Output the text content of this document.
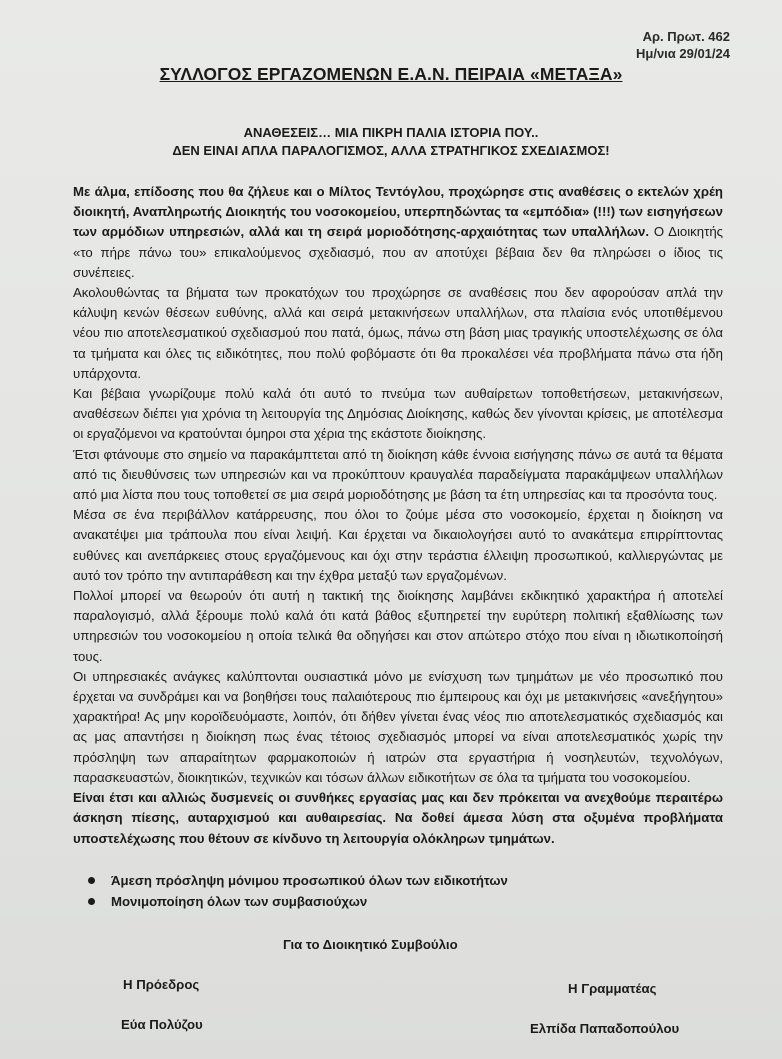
Αρ. Πρωτ. 462
Ημ/νια 29/01/24
ΣΥΛΛΟΓΟΣ ΕΡΓΑΖΟΜΕΝΩΝ Ε.Α.Ν. ΠΕΙΡΑΙΑ «ΜΕΤΑΞΑ»
ΑΝΑΘΕΣΕΙΣ… ΜΙΑ ΠΙΚΡΗ ΠΑΛΙΑ ΙΣΤΟΡΙΑ ΠΟΥ..
ΔΕΝ ΕΙΝΑΙ ΑΠΛΑ ΠΑΡΑΛΟΓΙΣΜΟΣ, ΑΛΛΑ ΣΤΡΑΤΗΓΙΚΟΣ ΣΧΕΔΙΑΣΜΟΣ!

Με άλμα, επίδοσης που θα ζήλευε και ο Μίλτος Τεντόγλου, προχώρησε στις αναθέσεις ο εκτελών χρέη διοικητή, Αναπληρωτής Διοικητής του νοσοκομείου, υπερπηδώντας τα «εμπόδια» (!!!) των εισηγήσεων των αρμόδιων υπηρεσιών, αλλά και τη σειρά μοριοδότησης-αρχαιότητας των υπαλλήλων. Ο Διοικητής «το πήρε πάνω του» επικαλούμενος σχεδιασμό, που αν αποτύχει βέβαια δεν θα πληρώσει ο ίδιος τις συνέπειες.

Ακολουθώντας τα βήματα των προκατόχων του προχώρησε σε αναθέσεις που δεν αφορούσαν απλά την κάλυψη κενών θέσεων ευθύνης, αλλά και σειρά μετακινήσεων υπαλλήλων, στα πλαίσια ενός υποτιθέμενου νέου πιο αποτελεσματικού σχεδιασμού που πατά, όμως, πάνω στη βάση μιας τραγικής υποστελέχωσης σε όλα τα τμήματα και όλες τις ειδικότητες, που πολύ φοβόμαστε ότι θα προκαλέσει νέα προβλήματα πάνω στα ήδη υπάρχοντα.

Και βέβαια γνωρίζουμε πολύ καλά ότι αυτό το πνεύμα των αυθαίρετων τοποθετήσεων, μετακινήσεων, αναθέσεων διέπει για χρόνια τη λειτουργία της Δημόσιας Διοίκησης, καθώς δεν γίνονται κρίσεις, με αποτέλεσμα οι εργαζόμενοι να κρατούνται όμηροι στα χέρια της εκάστοτε διοίκησης.

Έτσι φτάνουμε στο σημείο να παρακάμπτεται από τη διοίκηση κάθε έννοια εισήγησης πάνω σε αυτά τα θέματα από τις διευθύνσεις των υπηρεσιών και να προκύπτουν κραυγαλέα παραδείγματα παρακάμψεων υπαλλήλων από μια λίστα που τους τοποθετεί σε μια σειρά μοριοδότησης με βάση τα έτη υπηρεσίας και τα προσόντα τους.

Μέσα σε ένα περιβάλλον κατάρρευσης, που όλοι το ζούμε μέσα στο νοσοκομείο, έρχεται η διοίκηση να ανακατέψει μια τράπουλα που είναι λειψή. Και έρχεται να δικαιολογήσει αυτό το ανακάτεμα επιρρίπτοντας ευθύνες και ανεπάρκειες στους εργαζόμενους και όχι στην τεράστια έλλειψη προσωπικού, καλλιεργώντας με αυτό τον τρόπο την αντιπαράθεση και την έχθρα μεταξύ των εργαζομένων.

Πολλοί μπορεί να θεωρούν ότι αυτή η τακτική της διοίκησης λαμβάνει εκδικητικό χαρακτήρα ή αποτελεί παραλογισμό, αλλά ξέρουμε πολύ καλά ότι κατά βάθος εξυπηρετεί την ευρύτερη πολιτική εξαθλίωσης των υπηρεσιών του νοσοκομείου η οποία τελικά θα οδηγήσει και στον απώτερο στόχο που είναι η ιδιωτικοποίησή τους.

Οι υπηρεσιακές ανάγκες καλύπτονται ουσιαστικά μόνο με ενίσχυση των τμημάτων με νέο προσωπικό που έρχεται να συνδράμει και να βοηθήσει τους παλαιότερους πιο έμπειρους και όχι με μετακινήσεις «ανεξήγητου» χαρακτήρα! Ας μην κοροϊδευόμαστε, λοιπόν, ότι δήθεν γίνεται ένας νέος πιο αποτελεσματικός σχεδιασμός και ας μας απαντήσει η διοίκηση πως ένας τέτοιος σχεδιασμός μπορεί να είναι αποτελεσματικός χωρίς την πρόσληψη των απαραίτητων φαρμακοποιών ή ιατρών στα εργαστήρια ή νοσηλευτών, τεχνολόγων, παρασκευαστών, διοικητικών, τεχνικών και τόσων άλλων ειδικοτήτων σε όλα τα τμήματα του νοσοκομείου.

Είναι έτσι και αλλιώς δυσμενείς οι συνθήκες εργασίας μας και δεν πρόκειται να ανεχθούμε περαιτέρω άσκηση πίεσης, αυταρχισμού και αυθαιρεσίας. Να δοθεί άμεσα λύση στα οξυμένα προβλήματα υποστελέχωσης που θέτουν σε κίνδυνο τη λειτουργία ολόκληρων τμημάτων.

Άμεση πρόσληψη μόνιμου προσωπικού όλων των ειδικοτήτων
Μονιμοποίηση όλων των συμβασιούχων
Για το Διοικητικό Συμβούλιο
Η Πρόεδρος
Εύα Πολύζου
Η Γραμματέας
Ελπίδα Παπαδοπούλου
